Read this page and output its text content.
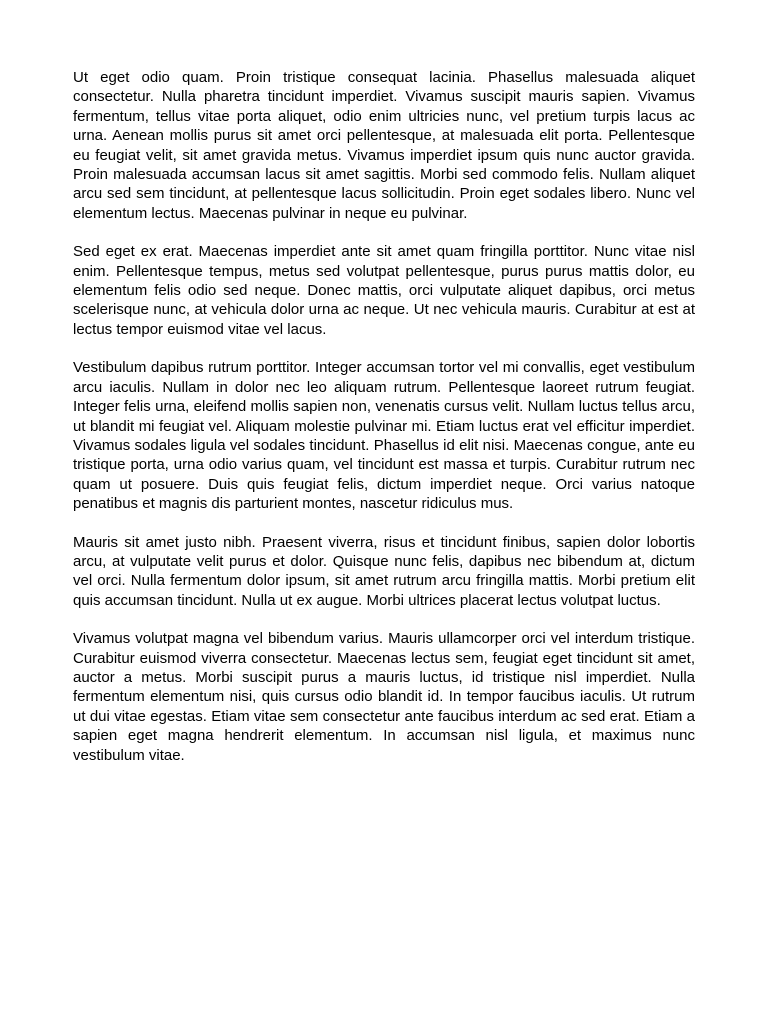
Ut eget odio quam. Proin tristique consequat lacinia. Phasellus malesuada aliquet consectetur. Nulla pharetra tincidunt imperdiet. Vivamus suscipit mauris sapien. Vivamus fermentum, tellus vitae porta aliquet, odio enim ultricies nunc, vel pretium turpis lacus ac urna. Aenean mollis purus sit amet orci pellentesque, at malesuada elit porta. Pellentesque eu feugiat velit, sit amet gravida metus. Vivamus imperdiet ipsum quis nunc auctor gravida. Proin malesuada accumsan lacus sit amet sagittis. Morbi sed commodo felis. Nullam aliquet arcu sed sem tincidunt, at pellentesque lacus sollicitudin. Proin eget sodales libero. Nunc vel elementum lectus. Maecenas pulvinar in neque eu pulvinar.

Sed eget ex erat. Maecenas imperdiet ante sit amet quam fringilla porttitor. Nunc vitae nisl enim. Pellentesque tempus, metus sed volutpat pellentesque, purus purus mattis dolor, eu elementum felis odio sed neque. Donec mattis, orci vulputate aliquet dapibus, orci metus scelerisque nunc, at vehicula dolor urna ac neque. Ut nec vehicula mauris. Curabitur at est at lectus tempor euismod vitae vel lacus.

Vestibulum dapibus rutrum porttitor. Integer accumsan tortor vel mi convallis, eget vestibulum arcu iaculis. Nullam in dolor nec leo aliquam rutrum. Pellentesque laoreet rutrum feugiat. Integer felis urna, eleifend mollis sapien non, venenatis cursus velit. Nullam luctus tellus arcu, ut blandit mi feugiat vel. Aliquam molestie pulvinar mi. Etiam luctus erat vel efficitur imperdiet. Vivamus sodales ligula vel sodales tincidunt. Phasellus id elit nisi. Maecenas congue, ante eu tristique porta, urna odio varius quam, vel tincidunt est massa et turpis. Curabitur rutrum nec quam ut posuere. Duis quis feugiat felis, dictum imperdiet neque. Orci varius natoque penatibus et magnis dis parturient montes, nascetur ridiculus mus.

Mauris sit amet justo nibh. Praesent viverra, risus et tincidunt finibus, sapien dolor lobortis arcu, at vulputate velit purus et dolor. Quisque nunc felis, dapibus nec bibendum at, dictum vel orci. Nulla fermentum dolor ipsum, sit amet rutrum arcu fringilla mattis. Morbi pretium elit quis accumsan tincidunt. Nulla ut ex augue. Morbi ultrices placerat lectus volutpat luctus.

Vivamus volutpat magna vel bibendum varius. Mauris ullamcorper orci vel interdum tristique. Curabitur euismod viverra consectetur. Maecenas lectus sem, feugiat eget tincidunt sit amet, auctor a metus. Morbi suscipit purus a mauris luctus, id tristique nisl imperdiet. Nulla fermentum elementum nisi, quis cursus odio blandit id. In tempor faucibus iaculis. Ut rutrum ut dui vitae egestas. Etiam vitae sem consectetur ante faucibus interdum ac sed erat. Etiam a sapien eget magna hendrerit elementum. In accumsan nisl ligula, et maximus nunc vestibulum vitae.
